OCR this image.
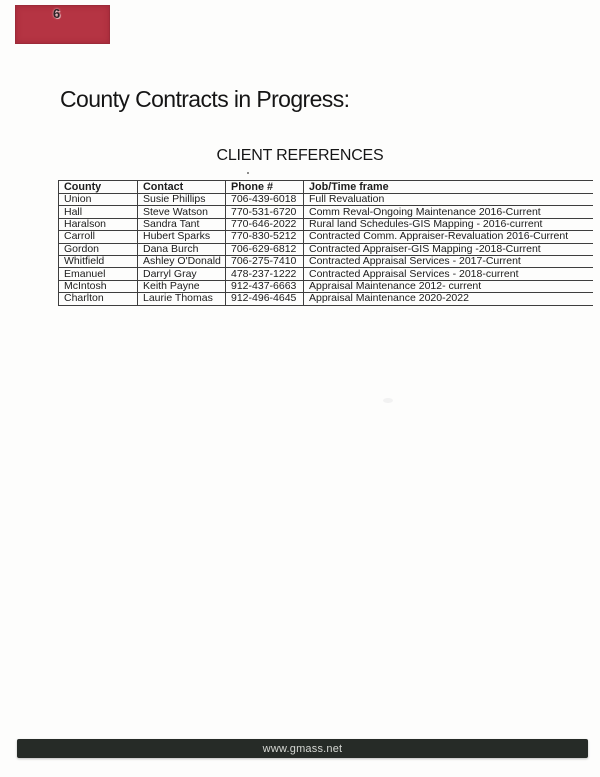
6
County Contracts in Progress:
CLIENT REFERENCES
County	Contact	Phone #	Job/Time frame
Union	Susie Phillips	706-439-6018	Full Revaluation
Hall	Steve Watson	770-531-6720	Comm Reval-Ongoing Maintenance 2016-Current
Haralson	Sandra Tant	770-646-2022	Rural land Schedules-GIS Mapping - 2016-current
Carroll	Hubert Sparks	770-830-5212	Contracted Comm. Appraiser-Revaluation 2016-Current
Gordon	Dana Burch	706-629-6812	Contracted Appraiser-GIS Mapping -2018-Current
Whitfield	Ashley O'Donald	706-275-7410	Contracted Appraisal Services - 2017-Current
Emanuel	Darryl Gray	478-237-1222	Contracted Appraisal Services - 2018-current
McIntosh	Keith Payne	912-437-6663	Appraisal Maintenance 2012- current
Charlton	Laurie Thomas	912-496-4645	Appraisal Maintenance 2020-2022
www.gmass.net
